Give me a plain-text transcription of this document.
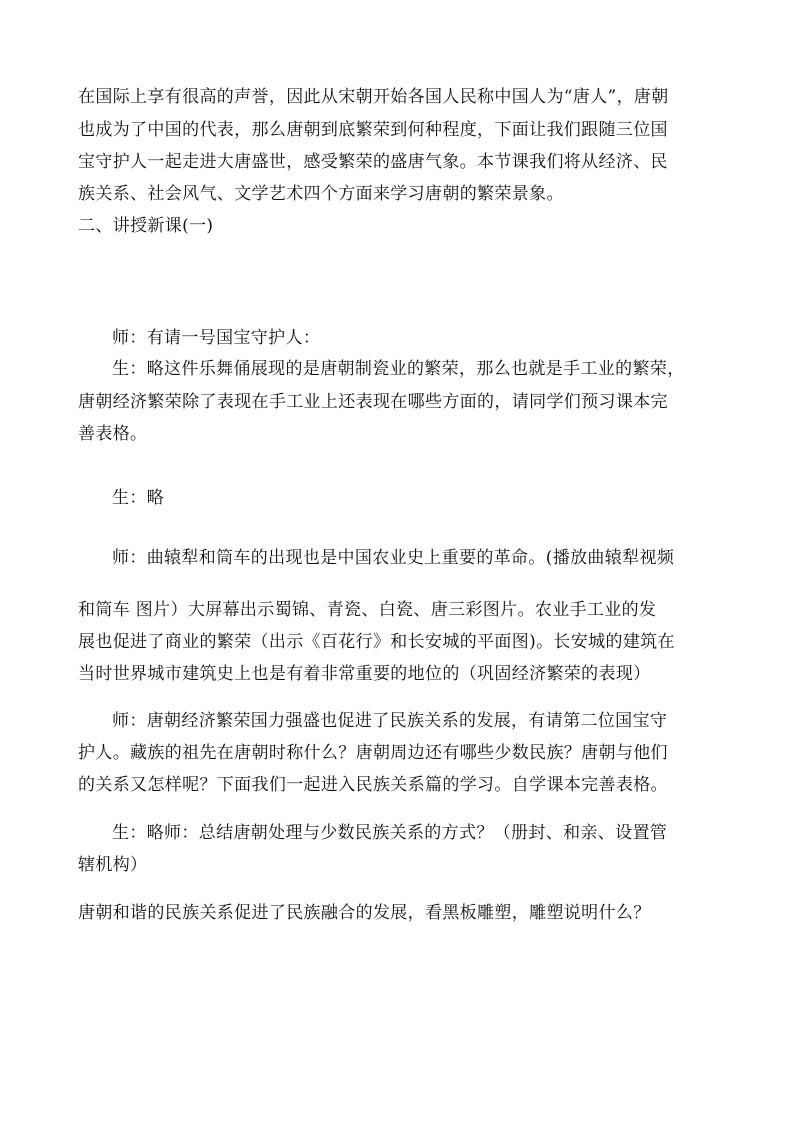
在国际上享有很高的声誉，因此从宋朝开始各国人民称中国人为“唐人”，唐朝
也成为了中国的代表，那么唐朝到底繁荣到何种程度，下面让我们跟随三位国
宝守护人一起走进大唐盛世，感受繁荣的盛唐气象。本节课我们将从经济、民
族关系、社会风气、文学艺术四个方面来学习唐朝的繁荣景象。
二、讲授新课(一)
师：有请一号国宝守护人：
生：略这件乐舞俑展现的是唐朝制瓷业的繁荣，那么也就是手工业的繁荣，
唐朝经济繁荣除了表现在手工业上还表现在哪些方面的，请同学们预习课本完
善表格。
生：略
师：曲辕犁和筒车的出现也是中国农业史上重要的革命。(播放曲辕犁视频
和筒车 图片）大屏幕出示蜀锦、青瓷、白瓷、唐三彩图片。农业手工业的发
展也促进了商业的繁荣（出示《百花行》和长安城的平面图)。长安城的建筑在
当时世界城市建筑史上也是有着非常重要的地位的（巩固经济繁荣的表现）
师：唐朝经济繁荣国力强盛也促进了民族关系的发展，有请第二位国宝守
护人。藏族的祖先在唐朝时称什么？唐朝周边还有哪些少数民族？唐朝与他们
的关系又怎样呢？下面我们一起进入民族关系篇的学习。自学课本完善表格。
生：略师：总结唐朝处理与少数民族关系的方式？（册封、和亲、设置管
辖机构）
唐朝和谐的民族关系促进了民族融合的发展，看黑板雕塑，雕塑说明什么？
